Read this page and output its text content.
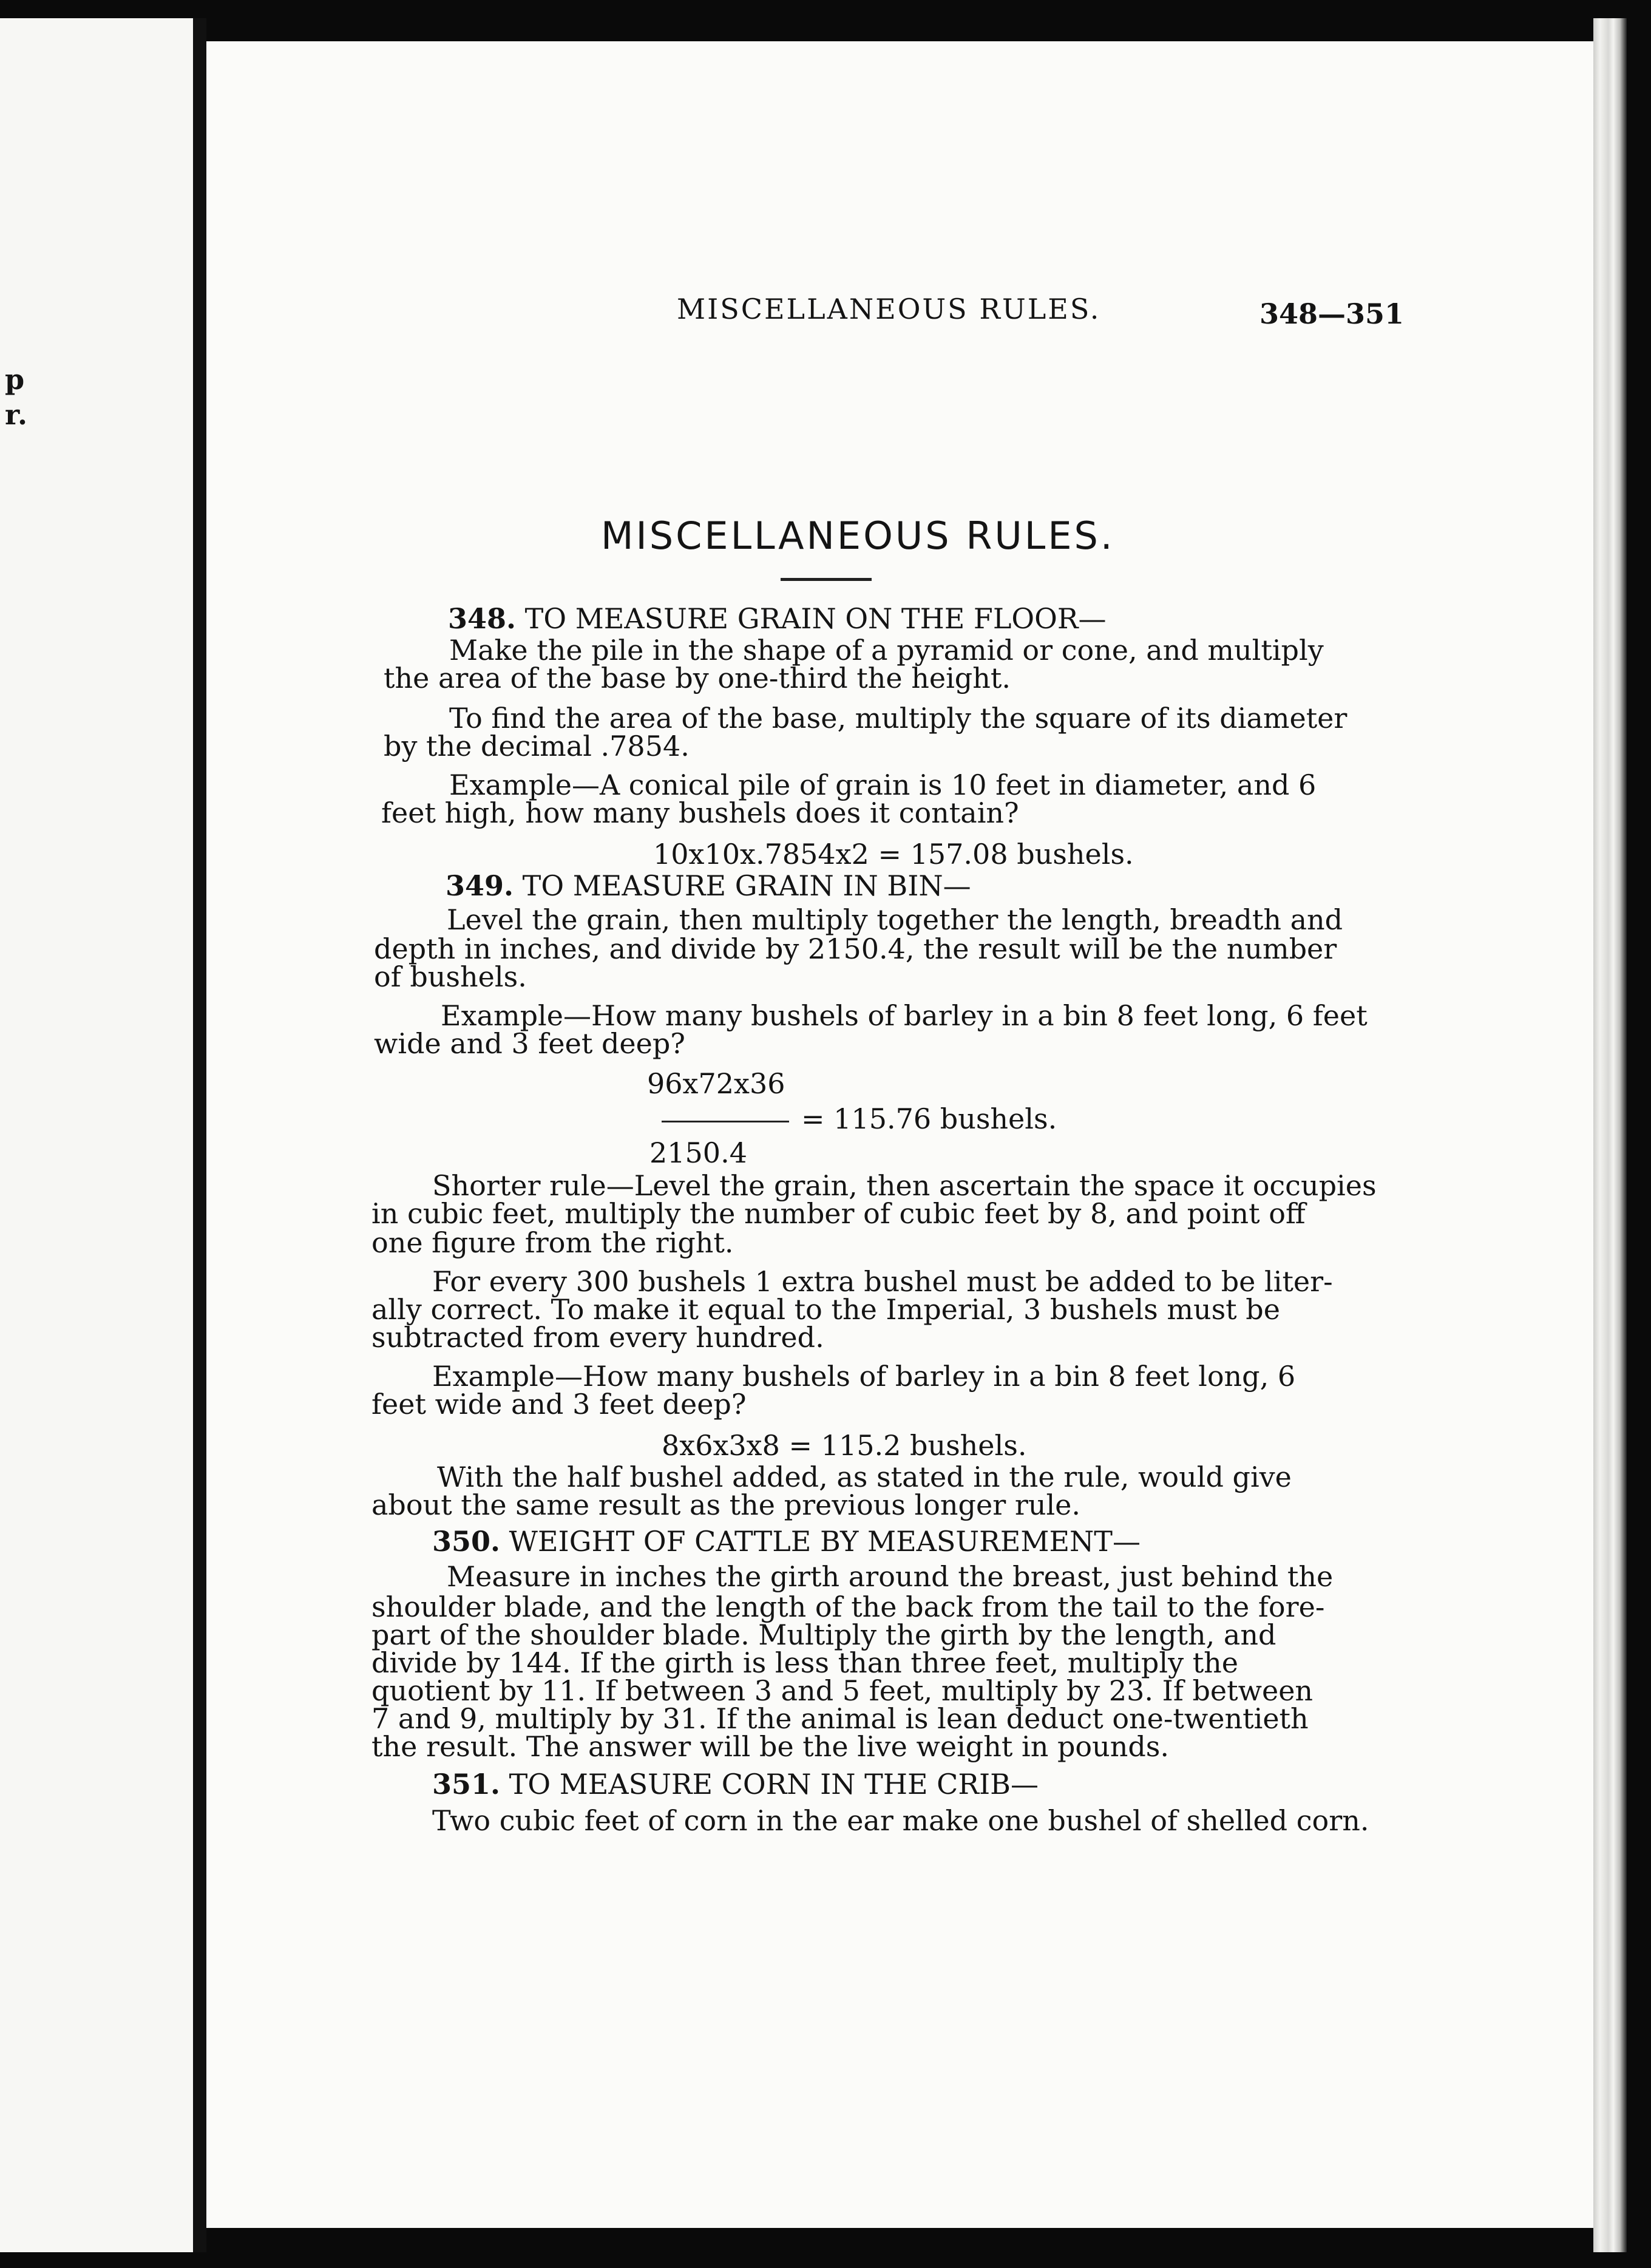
p
r.
MISCELLANEOUS RULES.	348—351
MISCELLANEOUS RULES.
348. TO MEASURE GRAIN ON THE FLOOR—
Make the pile in the shape of a pyramid or cone, and multiply
the area of the base by one-third the height.
To find the area of the base, multiply the square of its diameter
by the decimal .7854.
Example—A conical pile of grain is 10 feet in diameter, and 6
feet high, how many bushels does it contain?
10x10x.7854x2 = 157.08 bushels.
349. TO MEASURE GRAIN IN BIN—
Level the grain, then multiply together the length, breadth and
depth in inches, and divide by 2150.4, the result will be the number
of bushels.
Example—How many bushels of barley in a bin 8 feet long, 6 feet
wide and 3 feet deep?
96x72x36
= 115.76 bushels.
2150.4
Shorter rule—Level the grain, then ascertain the space it occupies
in cubic feet, multiply the number of cubic feet by 8, and point off
one figure from the right.
For every 300 bushels 1 extra bushel must be added to be liter-
ally correct. To make it equal to the Imperial, 3 bushels must be
subtracted from every hundred.
Example—How many bushels of barley in a bin 8 feet long, 6
feet wide and 3 feet deep?
8x6x3x8 = 115.2 bushels.
With the half bushel added, as stated in the rule, would give
about the same result as the previous longer rule.
350. WEIGHT OF CATTLE BY MEASUREMENT—
Measure in inches the girth around the breast, just behind the
shoulder blade, and the length of the back from the tail to the fore-
part of the shoulder blade. Multiply the girth by the length, and
divide by 144. If the girth is less than three feet, multiply the
quotient by 11. If between 3 and 5 feet, multiply by 23. If between
7 and 9, multiply by 31. If the animal is lean deduct one-twentieth
the result. The answer will be the live weight in pounds.
351. TO MEASURE CORN IN THE CRIB—
Two cubic feet of corn in the ear make one bushel of shelled corn.
